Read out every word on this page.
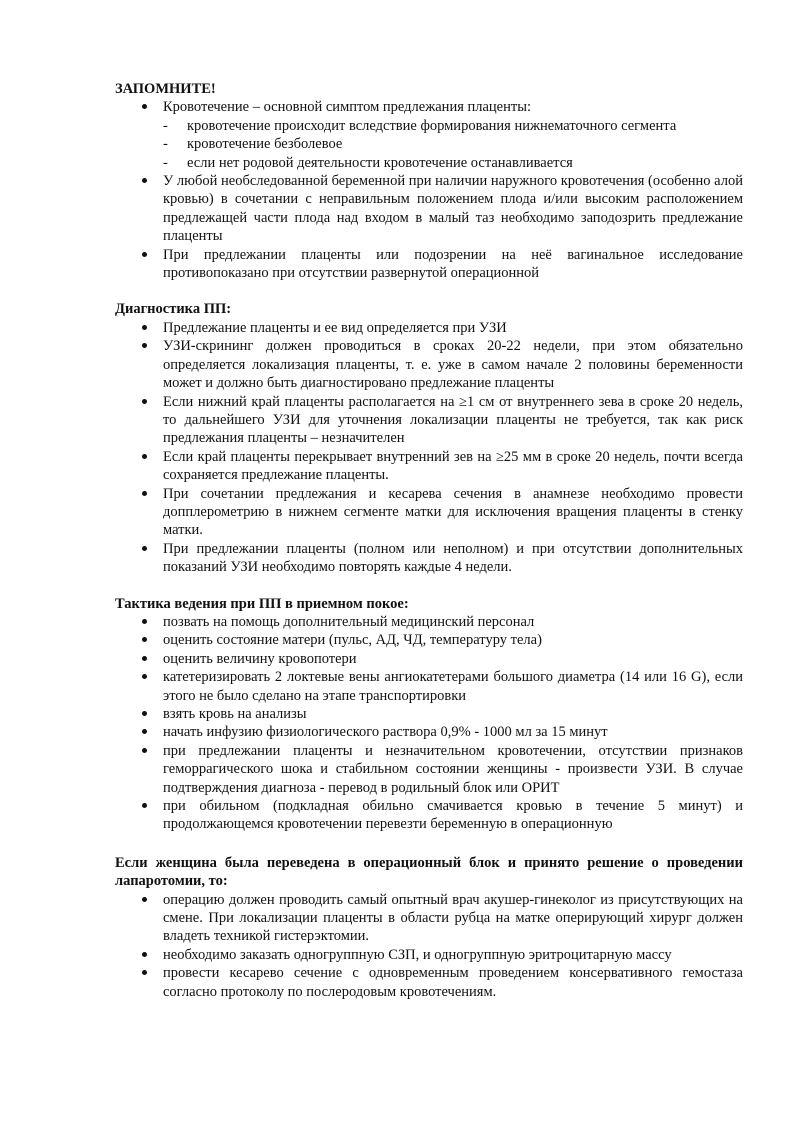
ЗАПОМНИТЕ!
Кровотечение – основной симптом предлежания плаценты:
- кровотечение происходит вследствие формирования нижнематочного сегмента
- кровотечение безболевое
- если нет родовой деятельности кровотечение останавливается
У любой необследованной беременной при наличии наружного кровотечения (особенно алой кровью) в сочетании с неправильным положением плода и/или высоким расположением предлежащей части плода над входом в малый таз необходимо заподозрить предлежание плаценты
При предлежании плаценты или подозрении на неё вагинальное исследование противопоказано при отсутствии развернутой операционной
Диагностика ПП:
Предлежание плаценты и ее вид определяется при УЗИ
УЗИ-скрининг должен проводиться в сроках 20-22 недели, при этом обязательно определяется локализация плаценты, т. е. уже в самом начале 2 половины беременности может и должно быть диагностировано предлежание плаценты
Если нижний край плаценты располагается на ≥1 см от внутреннего зева в сроке 20 недель, то дальнейшего УЗИ для уточнения локализации плаценты не требуется, так как риск предлежания плаценты – незначителен
Если край плаценты перекрывает внутренний зев на ≥25 мм в сроке 20 недель, почти всегда сохраняется предлежание плаценты.
При сочетании предлежания и кесарева сечения в анамнезе необходимо провести допплерометрию в нижнем сегменте матки для исключения вращения плаценты в стенку матки.
При предлежании плаценты (полном или неполном) и при отсутствии дополнительных показаний УЗИ необходимо повторять каждые 4 недели.
Тактика ведения при ПП в приемном покое:
позвать на помощь дополнительный медицинский персонал
оценить состояние матери (пульс, АД, ЧД, температуру тела)
оценить величину кровопотери
катетеризировать 2 локтевые вены ангиокатетерами большого диаметра (14 или 16 G), если этого не было сделано на этапе транспортировки
взять кровь на анализы
начать инфузию физиологического раствора 0,9% - 1000 мл за 15 минут
при предлежании плаценты и незначительном кровотечении, отсутствии признаков геморрагического шока и стабильном состоянии женщины - произвести УЗИ. В случае подтверждения диагноза - перевод в родильный блок или ОРИТ
при обильном (подкладная обильно смачивается кровью в течение 5 минут) и продолжающемся кровотечении перевезти беременную в операционную
Если женщина была переведена в операционный блок и принято решение о проведении лапаротомии, то:
операцию должен проводить самый опытный врач акушер-гинеколог из присутствующих на смене. При локализации плаценты в области рубца на матке оперирующий хирург должен владеть техникой гистерэктомии.
необходимо заказать одногруппную СЗП, и одногруппную эритроцитарную массу
провести кесарево сечение с одновременным проведением консервативного гемостаза согласно протоколу по послеродовым кровотечениям.
